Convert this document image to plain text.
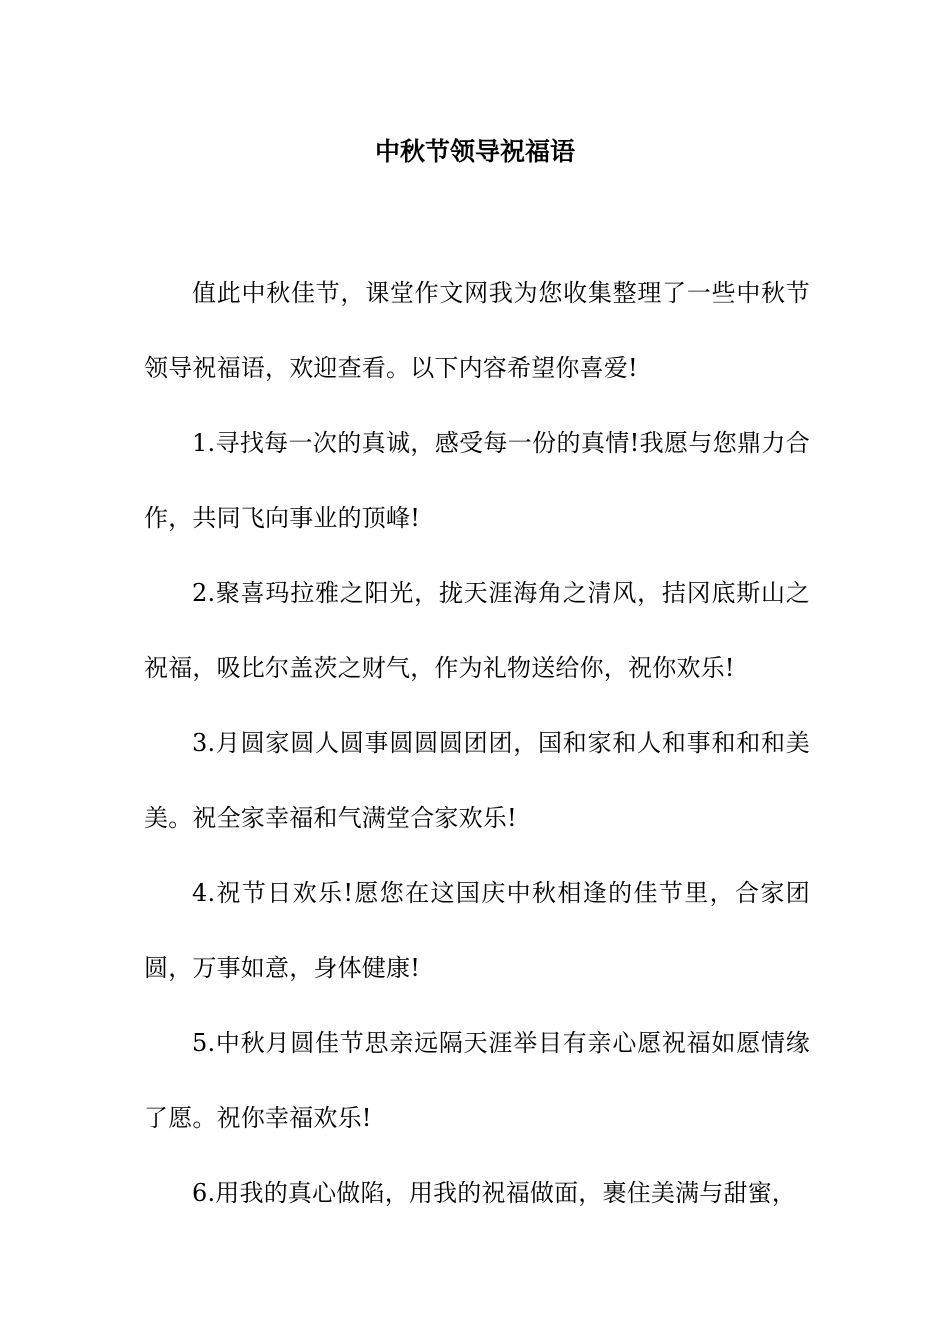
中秋节领导祝福语

值此中秋佳节，课堂作文网我为您收集整理了一些中秋节领导祝福语，欢迎查看。以下内容希望你喜爱!

1.寻找每一次的真诚，感受每一份的真情!我愿与您鼎力合作，共同飞向事业的顶峰!

2.聚喜玛拉雅之阳光，拢天涯海角之清风，拮冈底斯山之祝福，吸比尔盖茨之财气，作为礼物送给你，祝你欢乐!

3.月圆家圆人圆事圆圆圆团团，国和家和人和事和和和美美。祝全家幸福和气满堂合家欢乐!

4.祝节日欢乐!愿您在这国庆中秋相逢的佳节里，合家团圆，万事如意，身体健康!

5.中秋月圆佳节思亲远隔天涯举目有亲心愿祝福如愿情缘了愿。祝你幸福欢乐!

6.用我的真心做陷，用我的祝福做面，裹住美满与甜蜜，
